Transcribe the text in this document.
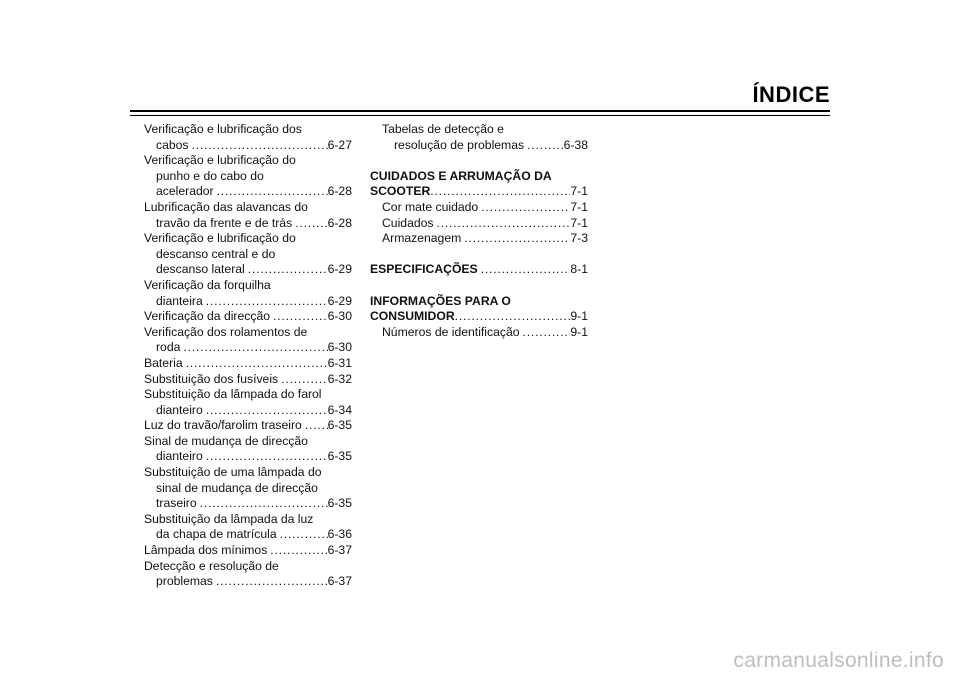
ÍNDICE
Verificação e lubrificação dos
cabos .....	6-27
Verificação e lubrificação do
punho e do cabo do
acelerador .....	6-28
Lubrificação das alavancas do
travão da frente e de trás .....	6-28
Verificação e lubrificação do
descanso central e do
descanso lateral .....	6-29
Verificação da forquilha
dianteira .....	6-29
Verificação da direcção .....	6-30
Verificação dos rolamentos de
roda .....	6-30
Bateria .....	6-31
Substituição dos fusíveis .....	6-32
Substituição da lâmpada do farol
dianteiro .....	6-34
Luz do travão/farolim traseiro ..... 6-35
Sinal de mudança de direcção
dianteiro .....	6-35
Substituição de uma lâmpada do
sinal de mudança de direcção
traseiro .....	6-35
Substituição da lâmpada da luz
da chapa de matrícula .....	6-36
Lâmpada dos mínimos .....	6-37
Detecção e resolução de
problemas .....	6-37
Tabelas de detecção e
resolução de problemas .....	6-38
CUIDADOS E ARRUMAÇÃO DA
SCOOTER .....	7-1
Cor mate cuidado .....	7-1
Cuidados .....	7-1
Armazenagem .....	7-3
ESPECIFICAÇÕES .....	8-1
INFORMAÇÕES PARA O
CONSUMIDOR .....	9-1
Números de identificação .....	9-1
carmanualsonline.info
